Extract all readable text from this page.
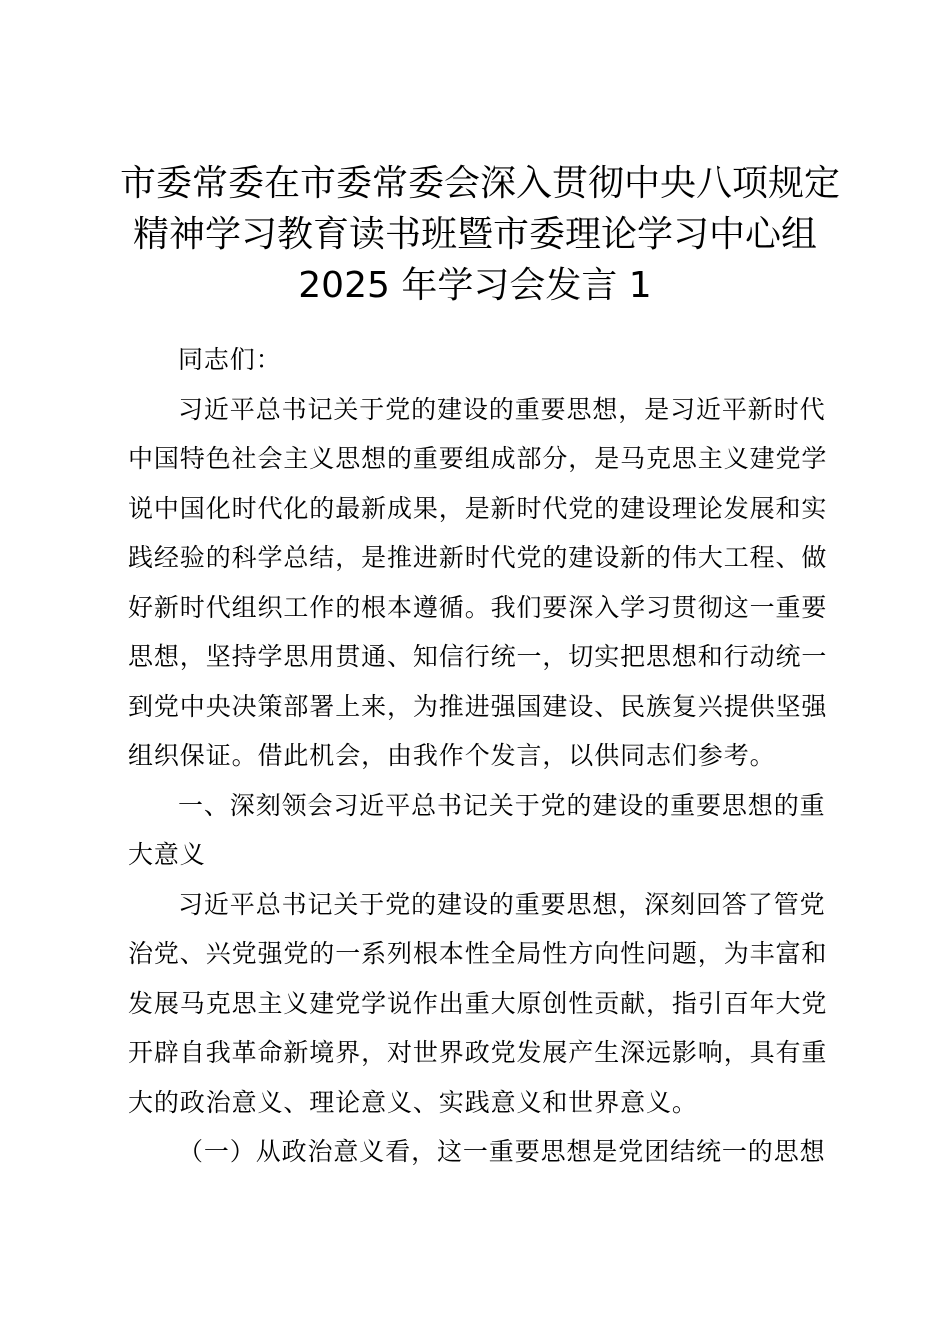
市委常委在市委常委会深入贯彻中央八项规定
精神学习教育读书班暨市委理论学习中心组
2025 年学习会发言 1
同志们：
习近平总书记关于党的建设的重要思想，是习近平新时代
中国特色社会主义思想的重要组成部分，是马克思主义建党学
说中国化时代化的最新成果，是新时代党的建设理论发展和实
践经验的科学总结，是推进新时代党的建设新的伟大工程、做
好新时代组织工作的根本遵循。我们要深入学习贯彻这一重要
思想，坚持学思用贯通、知信行统一，切实把思想和行动统一
到党中央决策部署上来，为推进强国建设、民族复兴提供坚强
组织保证。借此机会，由我作个发言，以供同志们参考。
一、深刻领会习近平总书记关于党的建设的重要思想的重
大意义
习近平总书记关于党的建设的重要思想，深刻回答了管党
治党、兴党强党的一系列根本性全局性方向性问题，为丰富和
发展马克思主义建党学说作出重大原创性贡献，指引百年大党
开辟自我革命新境界，对世界政党发展产生深远影响，具有重
大的政治意义、理论意义、实践意义和世界意义。
（一）从政治意义看，这一重要思想是党团结统一的思想
